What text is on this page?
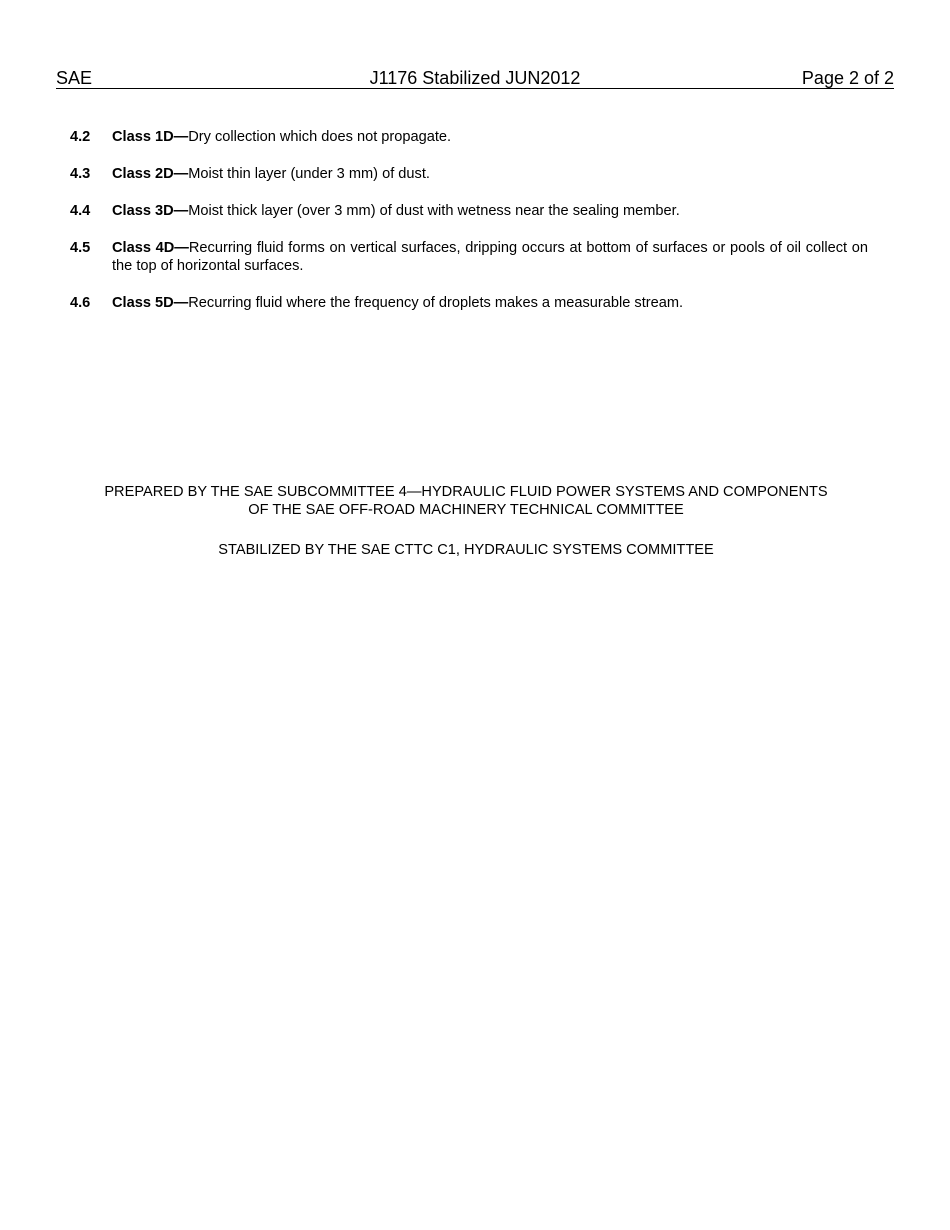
SAE	J1176 Stabilized JUN2012	Page 2 of 2
4.2	Class 1D—Dry collection which does not propagate.
4.3	Class 2D—Moist thin layer (under 3 mm) of dust.
4.4	Class 3D—Moist thick layer (over 3 mm) of dust with wetness near the sealing member.
4.5	Class 4D—Recurring fluid forms on vertical surfaces, dripping occurs at bottom of surfaces or pools of oil collect on the top of horizontal surfaces.
4.6	Class 5D—Recurring fluid where the frequency of droplets makes a measurable stream.
PREPARED BY THE SAE SUBCOMMITTEE 4—HYDRAULIC FLUID POWER SYSTEMS AND COMPONENTS
OF THE SAE OFF-ROAD MACHINERY TECHNICAL COMMITTEE
STABILIZED BY THE SAE CTTC C1, HYDRAULIC SYSTEMS COMMITTEE
